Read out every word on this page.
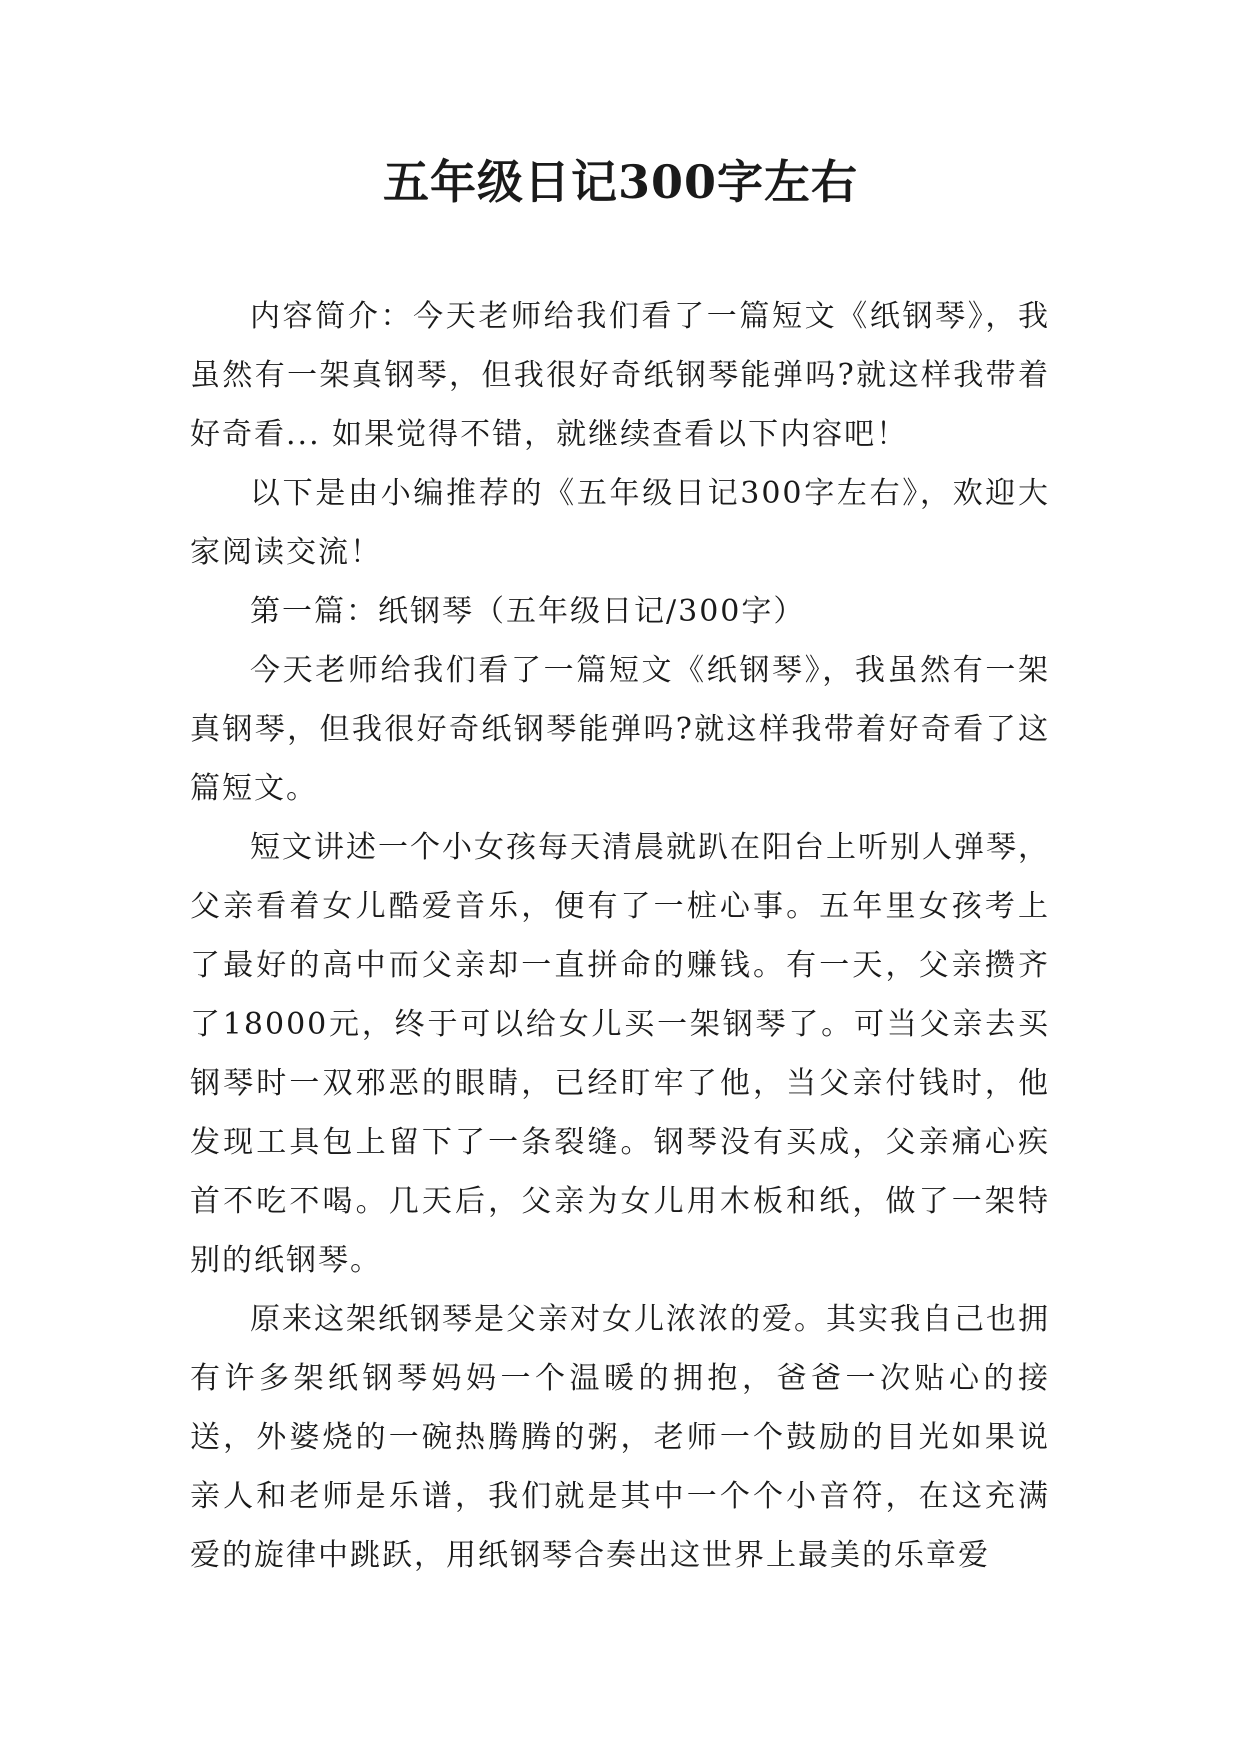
五年级日记300字左右

内容简介：今天老师给我们看了一篇短文《纸钢琴》，我虽然有一架真钢琴，但我很好奇纸钢琴能弹吗?就这样我带着好奇看... 如果觉得不错，就继续查看以下内容吧！

以下是由小编推荐的《五年级日记300字左右》，欢迎大家阅读交流！

第一篇：纸钢琴（五年级日记/300字）

今天老师给我们看了一篇短文《纸钢琴》，我虽然有一架真钢琴，但我很好奇纸钢琴能弹吗?就这样我带着好奇看了这篇短文。

短文讲述一个小女孩每天清晨就趴在阳台上听别人弹琴，父亲看着女儿酷爱音乐，便有了一桩心事。五年里女孩考上了最好的高中而父亲却一直拼命的赚钱。有一天，父亲攒齐了18000元，终于可以给女儿买一架钢琴了。可当父亲去买钢琴时一双邪恶的眼睛，已经盯牢了他，当父亲付钱时，他发现工具包上留下了一条裂缝。钢琴没有买成，父亲痛心疾首不吃不喝。几天后，父亲为女儿用木板和纸，做了一架特别的纸钢琴。

原来这架纸钢琴是父亲对女儿浓浓的爱。其实我自己也拥有许多架纸钢琴妈妈一个温暖的拥抱，爸爸一次贴心的接送，外婆烧的一碗热腾腾的粥，老师一个鼓励的目光如果说亲人和老师是乐谱，我们就是其中一个个小音符，在这充满爱的旋律中跳跃，用纸钢琴合奏出这世界上最美的乐章爱
